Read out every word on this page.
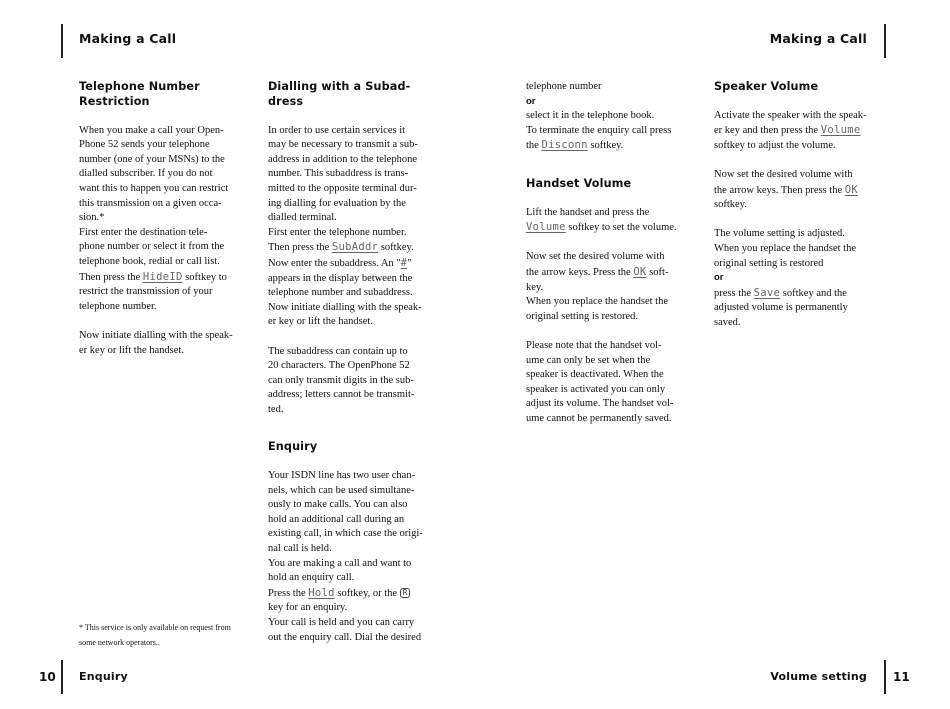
Making a Call	Making a Call
10 Enquiry	Volume setting 11
Telephone Number
Restriction

When you make a call your Open-
Phone 52 sends your telephone
number (one of your MSNs) to the
dialled subscriber. If you do not
want this to happen you can restrict
this transmission on a given occa-
sion.*
First enter the destination tele-
phone number or select it from the
telephone book, redial or call list.
Then press the HideID softkey to
restrict the transmission of your
telephone number.

Now initiate dialling with the speak-
er key or lift the handset.

* This service is only available on request from
some network operators..
Dialling with a Subad-
dress

In order to use certain services it
may be necessary to transmit a sub-
address in addition to the telephone
number. This subaddress is trans-
mitted to the opposite terminal dur-
ing dialling for evaluation by the
dialled terminal.
First enter the telephone number.
Then press the SubAddr softkey.
Now enter the subaddress. An "#"
appears in the display between the
telephone number and subaddress.
Now initiate dialling with the speak-
er key or lift the handset.

The subaddress can contain up to
20 characters. The OpenPhone 52
can only transmit digits in the sub-
address; letters cannot be transmit-
ted.

Enquiry

Your ISDN line has two user chan-
nels, which can be used simultane-
ously to make calls. You can also
hold an additional call during an
existing call, in which case the origi-
nal call is held.
You are making a call and want to
hold an enquiry call.
Press the Hold softkey, or the R
key for an enquiry.
Your call is held and you can carry
out the enquiry call. Dial the desired

telephone number
or
select it in the telephone book.
To terminate the enquiry call press
the Disconn softkey.

Handset Volume

Lift the handset and press the
Volume softkey to set the volume.

Now set the desired volume with
the arrow keys. Press the OK soft-
key.
When you replace the handset the
original setting is restored.

Please note that the handset vol-
ume can only be set when the
speaker is deactivated. When the
speaker is activated you can only
adjust its volume. The handset vol-
ume cannot be permanently saved.

Speaker Volume

Activate the speaker with the speak-
er key and then press the Volume
softkey to adjust the volume.

Now set the desired volume with
the arrow keys. Then press the OK
softkey.

The volume setting is adjusted.
When you replace the handset the
original setting is restored
or
press the Save softkey and the
adjusted volume is permanently
saved.
